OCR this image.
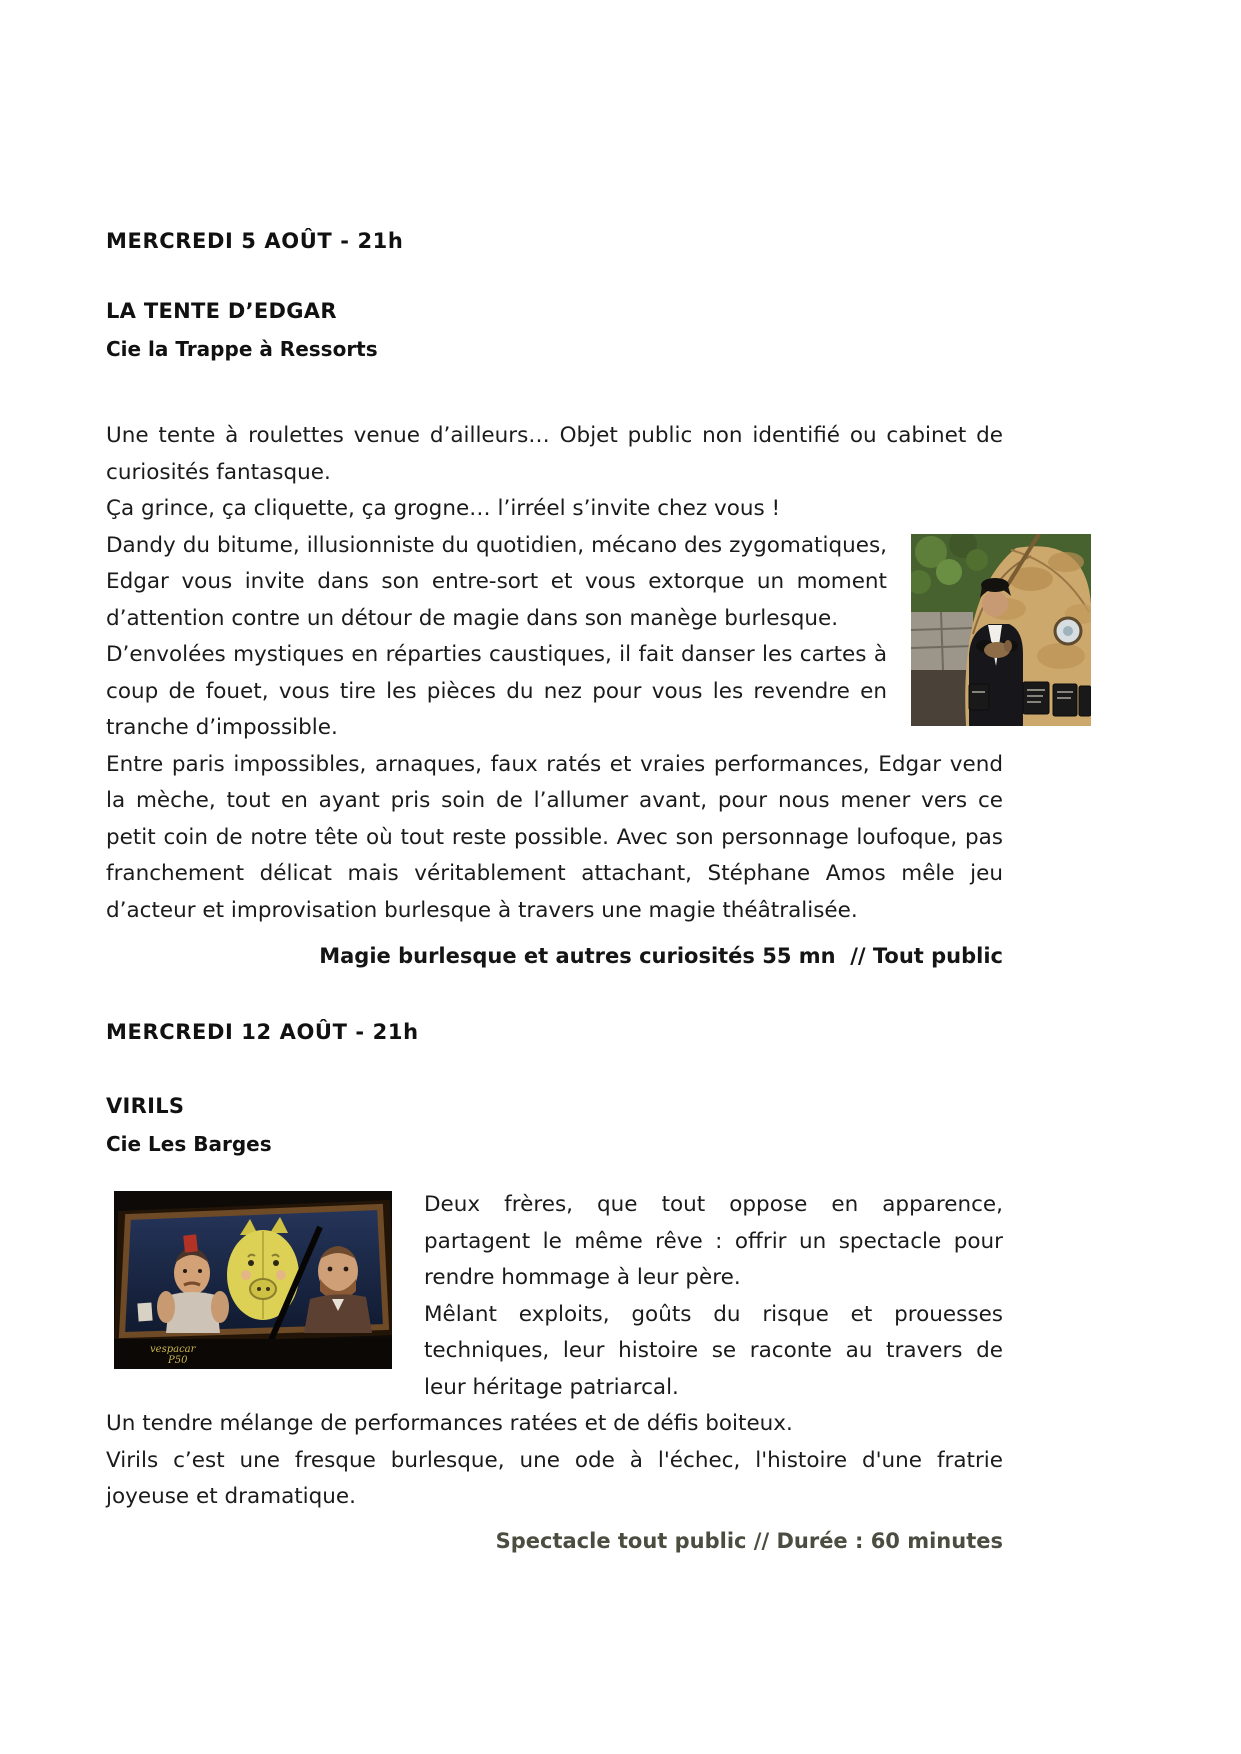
MERCREDI 5 AOÛT - 21h
LA TENTE D’EDGAR
Cie la Trappe à Ressorts

Une tente à roulettes venue d’ailleurs… Objet public non identifié ou cabinet de curiosités fantasque.

Ça grince, ça cliquette, ça grogne… l’irréel s’invite chez vous !

Dandy du bitume, illusionniste du quotidien, mécano des zygomatiques, Edgar vous invite dans son entre-sort et vous extorque un moment d’attention contre un détour de magie dans son manège burlesque.

D’envolées mystiques en réparties caustiques, il fait danser les cartes à coup de fouet, vous tire les pièces du nez pour vous les revendre en tranche d’impossible.

Entre paris impossibles, arnaques, faux ratés et vraies performances, Edgar vend la mèche, tout en ayant pris soin de l’allumer avant, pour nous mener vers ce petit coin de notre tête où tout reste possible. Avec son personnage loufoque, pas franchement délicat mais véritablement attachant, Stéphane Amos mêle jeu d’acteur et improvisation burlesque à travers une magie théâtralisée.

Magie burlesque et autres curiosités 55 mn  // Tout public

MERCREDI 12 AOÛT - 21h
VIRILS
Cie Les Barges
vespacar
P50

Deux frères, que tout oppose en apparence, partagent le même rêve : offrir un spectacle pour rendre hommage à leur père.

Mêlant exploits, goûts du risque et prouesses techniques, leur histoire se raconte au travers de leur héritage patriarcal.

Un tendre mélange de performances ratées et de défis boiteux.

Virils c’est une fresque burlesque, une ode à l'échec, l'histoire d'une fratrie joyeuse et dramatique.

Spectacle tout public // Durée : 60 minutes
